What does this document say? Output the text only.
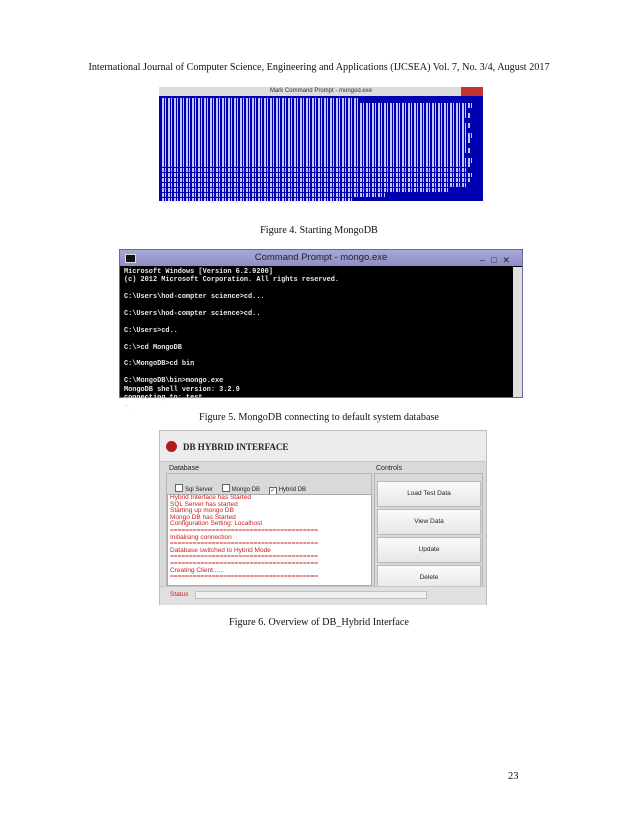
International Journal of Computer Science, Engineering and Applications (IJCSEA) Vol. 7, No. 3/4, August 2017
Mark Command Prompt - mongod.exe
Figure 4. Starting MongoDB
Command Prompt - mongo.exe	–□✕
Microsoft Windows [Version 6.2.9200]
(c) 2012 Microsoft Corporation. All rights reserved.

C:\Users\hod-compter science>cd...

C:\Users\hod-compter science>cd..

C:\Users>cd..

C:\>cd MongoDB

C:\MongoDB>cd bin

C:\MongoDB\bin>mongo.exe
MongoDB shell version: 3.2.9
connecting to: test
> _
Figure 5. MongoDB connecting to default system database
DB HYBRID INTERFACE
Database	Controls
Sql Server	Mongo DB ✓ Hybrid DB
Hybrid Interface has Started
SQL Server has started
Starting up mongo DB
Mongo DB has Started
Configuration Setting: Localhost
=======================================
Initialising connection
=======================================
Database switched to Hybrid Mode
=======================================
=======================================
Creating Client......
=======================================
Load Test Data
View Data
Update
Delete
Status
Figure 6. Overview of DB_Hybrid Interface
23
